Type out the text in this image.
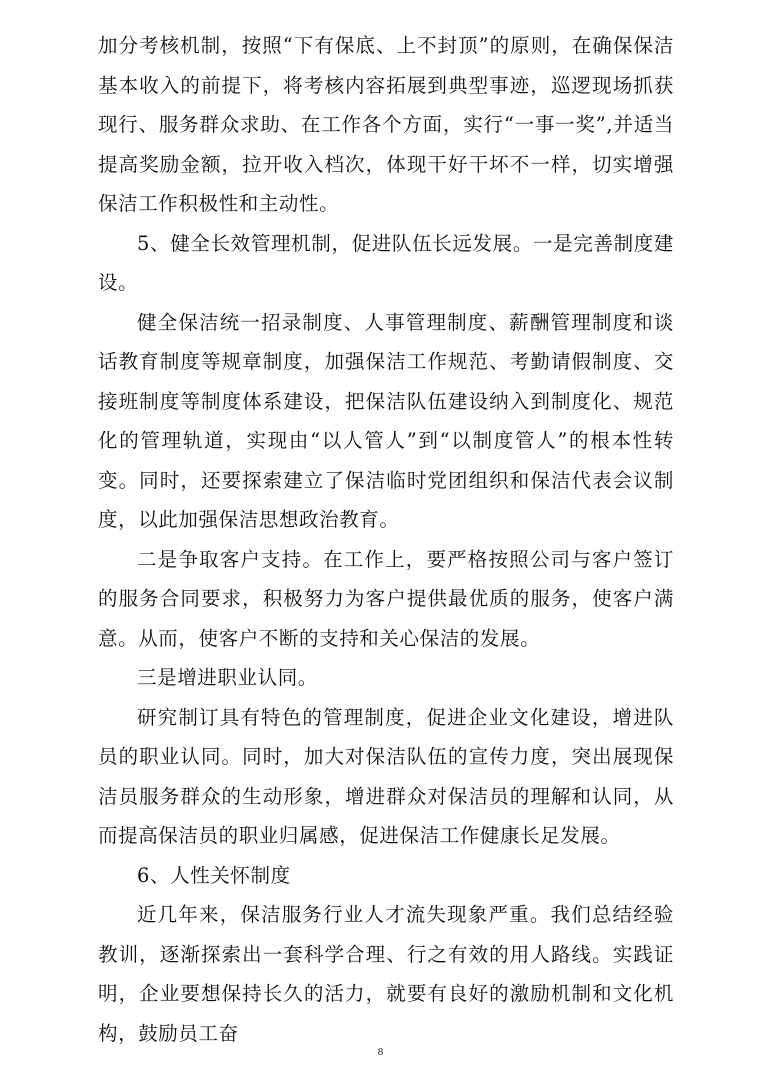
加分考核机制，按照“下有保底、上不封顶”的原则，在确保保洁基本收入的前提下，将考核内容拓展到典型事迹，巡逻现场抓获现行、服务群众求助、在工作各个方面，实行“一事一奖”,并适当提高奖励金额，拉开收入档次，体现干好干坏不一样，切实增强保洁工作积极性和主动性。

5、健全长效管理机制，促进队伍长远发展。一是完善制度建设。

健全保洁统一招录制度、人事管理制度、薪酬管理制度和谈话教育制度等规章制度，加强保洁工作规范、考勤请假制度、交接班制度等制度体系建设，把保洁队伍建设纳入到制度化、规范化的管理轨道，实现由“以人管人”到“以制度管人”的根本性转变。同时，还要探索建立了保洁临时党团组织和保洁代表会议制度，以此加强保洁思想政治教育。

二是争取客户支持。在工作上，要严格按照公司与客户签订的服务合同要求，积极努力为客户提供最优质的服务，使客户满意。从而，使客户不断的支持和关心保洁的发展。

三是增进职业认同。

研究制订具有特色的管理制度，促进企业文化建设，增进队员的职业认同。同时，加大对保洁队伍的宣传力度，突出展现保洁员服务群众的生动形象，增进群众对保洁员的理解和认同，从而提高保洁员的职业归属感，促进保洁工作健康长足发展。

6、人性关怀制度

近几年来，保洁服务行业人才流失现象严重。我们总结经验教训，逐渐探索出一套科学合理、行之有效的用人路线。实践证明，企业要想保持长久的活力，就要有良好的激励机制和文化机构，鼓励员工奋

8
